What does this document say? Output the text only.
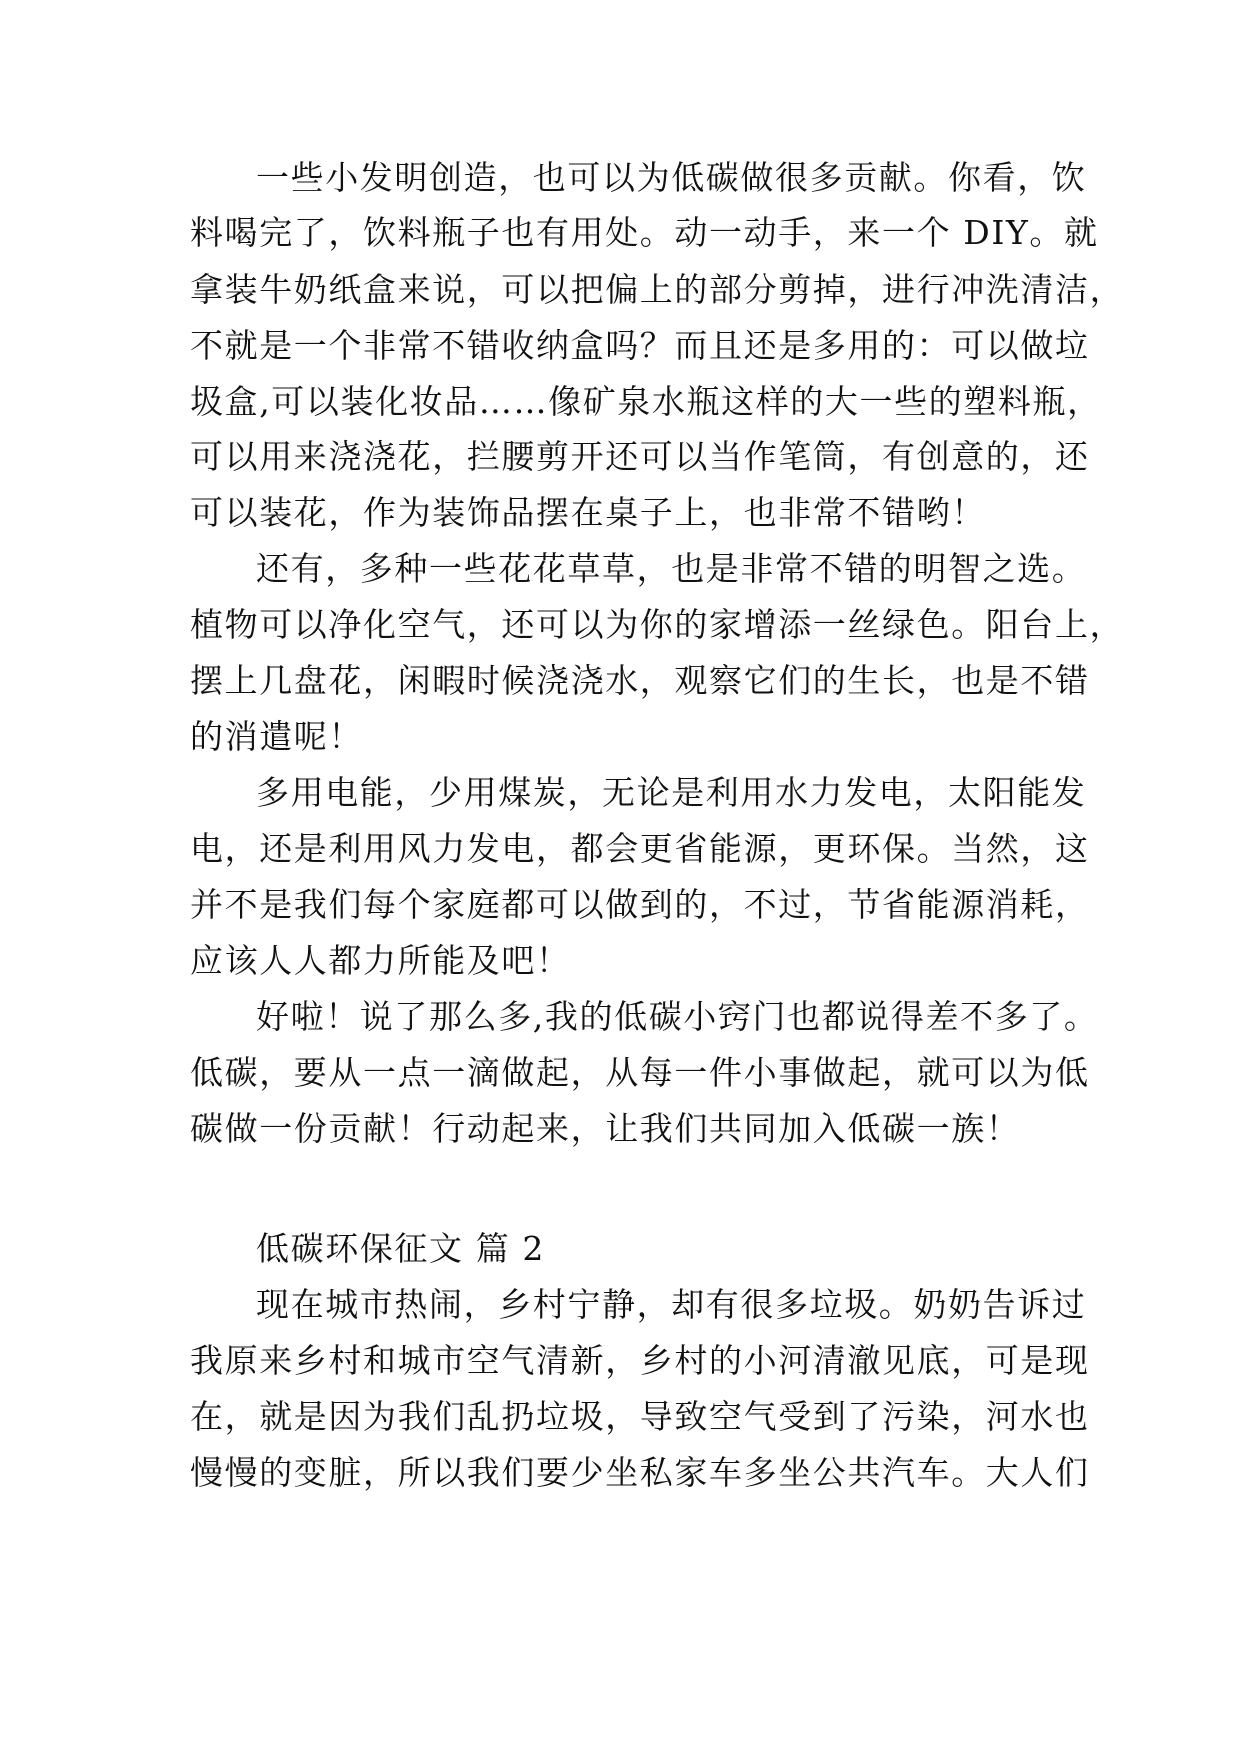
一些小发明创造，也可以为低碳做很多贡献。你看，饮
料喝完了，饮料瓶子也有用处。动一动手，来一个 DIY。就
拿装牛奶纸盒来说，可以把偏上的部分剪掉，进行冲洗清洁，
不就是一个非常不错收纳盒吗？而且还是多用的：可以做垃
圾盒,可以装化妆品……像矿泉水瓶这样的大一些的塑料瓶，
可以用来浇浇花，拦腰剪开还可以当作笔筒，有创意的，还
可以装花，作为装饰品摆在桌子上，也非常不错哟！
还有，多种一些花花草草，也是非常不错的明智之选。
植物可以净化空气，还可以为你的家增添一丝绿色。阳台上，
摆上几盘花，闲暇时候浇浇水，观察它们的生长，也是不错
的消遣呢！
多用电能，少用煤炭，无论是利用水力发电，太阳能发
电，还是利用风力发电，都会更省能源，更环保。当然，这
并不是我们每个家庭都可以做到的，不过，节省能源消耗，
应该人人都力所能及吧！
好啦！说了那么多,我的低碳小窍门也都说得差不多了。
低碳，要从一点一滴做起，从每一件小事做起，就可以为低
碳做一份贡献！行动起来，让我们共同加入低碳一族！
低碳环保征文 篇 2
现在城市热闹，乡村宁静，却有很多垃圾。奶奶告诉过
我原来乡村和城市空气清新，乡村的小河清澈见底，可是现
在，就是因为我们乱扔垃圾，导致空气受到了污染，河水也
慢慢的变脏，所以我们要少坐私家车多坐公共汽车。大人们
